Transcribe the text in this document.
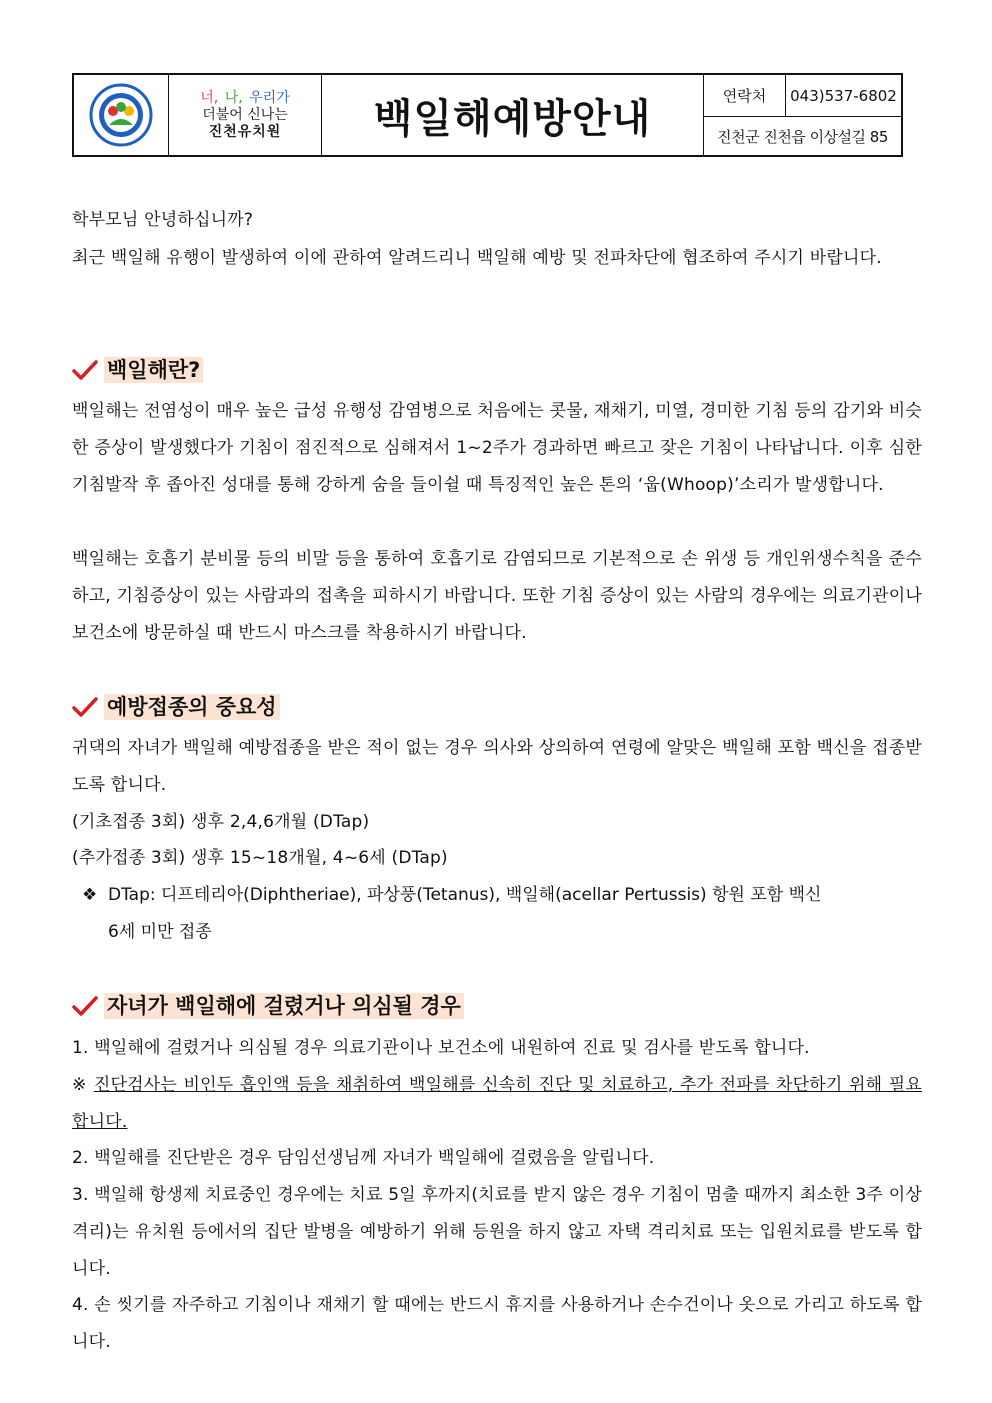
너, 나, 우리가
더불어 신나는
진천유치원	백일해예방안내	연락처	043)537-6802
진천군 진천읍 이상설길 85
학부모님 안녕하십니까?
최근 백일해 유행이 발생하여 이에 관하여 알려드리니 백일해 예방 및 전파차단에 협조하여 주시기 바랍니다.
백일해란?
백일해는 전염성이 매우 높은 급성 유행성 감염병으로 처음에는 콧물, 재채기, 미열, 경미한 기침 등의 감기와 비슷한 증상이 발생했다가 기침이 점진적으로 심해져서 1~2주가 경과하면 빠르고 잦은 기침이 나타납니다. 이후 심한 기침발작 후 좁아진 성대를 통해 강하게 숨을 들이쉴 때 특징적인 높은 톤의 ‘웁(Whoop)’소리가 발생합니다.
백일해는 호흡기 분비물 등의 비말 등을 통하여 호흡기로 감염되므로 기본적으로 손 위생 등 개인위생수칙을 준수하고, 기침증상이 있는 사람과의 접촉을 피하시기 바랍니다. 또한 기침 증상이 있는 사람의 경우에는 의료기관이나 보건소에 방문하실 때 반드시 마스크를 착용하시기 바랍니다.
예방접종의 중요성
귀댁의 자녀가 백일해 예방접종을 받은 적이 없는 경우 의사와 상의하여 연령에 알맞은 백일해 포함 백신을 접종받도록 합니다.
(기초접종 3회) 생후 2,4,6개월 (DTap)
(추가접종 3회) 생후 15~18개월, 4~6세 (DTap)
❖ DTap: 디프테리아(Diphtheriae), 파상풍(Tetanus), 백일해(acellar Pertussis) 항원 포함 백신
6세 미만 접종
자녀가 백일해에 걸렸거나 의심될 경우
1. 백일해에 걸렸거나 의심될 경우 의료기관이나 보건소에 내원하여 진료 및 검사를 받도록 합니다.
※ 진단검사는 비인두 흡인액 등을 채취하여 백일해를 신속히 진단 및 치료하고, 추가 전파를 차단하기 위해 필요합니다.
2. 백일해를 진단받은 경우 담임선생님께 자녀가 백일해에 걸렸음을 알립니다.
3. 백일해 항생제 치료중인 경우에는 치료 5일 후까지(치료를 받지 않은 경우 기침이 멈출 때까지 최소한 3주 이상 격리)는 유치원 등에서의 집단 발병을 예방하기 위해 등원을 하지 않고 자택 격리치료 또는 입원치료를 받도록 합니다.
4. 손 씻기를 자주하고 기침이나 재채기 할 때에는 반드시 휴지를 사용하거나 손수건이나 옷으로 가리고 하도록 합니다.
